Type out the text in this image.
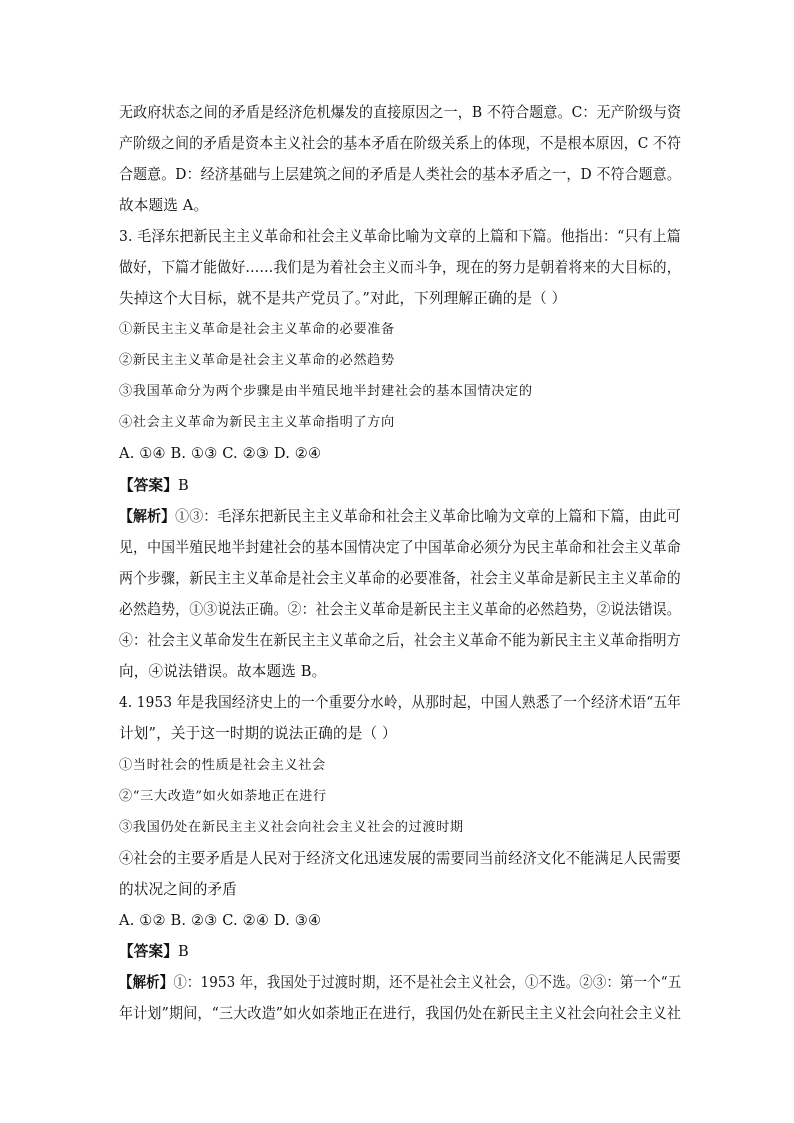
无政府状态之间的矛盾是经济危机爆发的直接原因之一，B 不符合题意。C：无产阶级与资
产阶级之间的矛盾是资本主义社会的基本矛盾在阶级关系上的体现，不是根本原因，C 不符
合题意。D：经济基础与上层建筑之间的矛盾是人类社会的基本矛盾之一，D 不符合题意。
故本题选 A。
3. 毛泽东把新民主主义革命和社会主义革命比喻为文章的上篇和下篇。他指出：“只有上篇
做好，下篇才能做好……我们是为着社会主义而斗争，现在的努力是朝着将来的大目标的，
失掉这个大目标，就不是共产党员了。”对此，下列理解正确的是（ ）
①新民主主义革命是社会主义革命的必要准备
②新民主主义革命是社会主义革命的必然趋势
③我国革命分为两个步骤是由半殖民地半封建社会的基本国情决定的
④社会主义革命为新民主主义革命指明了方向
A. ①④ B. ①③ C. ②③ D. ②④
【答案】B
【解析】①③：毛泽东把新民主主义革命和社会主义革命比喻为文章的上篇和下篇，由此可
见，中国半殖民地半封建社会的基本国情决定了中国革命必须分为民主革命和社会主义革命
两个步骤，新民主主义革命是社会主义革命的必要准备，社会主义革命是新民主主义革命的
必然趋势，①③说法正确。②：社会主义革命是新民主主义革命的必然趋势，②说法错误。
④：社会主义革命发生在新民主主义革命之后，社会主义革命不能为新民主主义革命指明方
向，④说法错误。故本题选 B。
4. 1953 年是我国经济史上的一个重要分水岭，从那时起，中国人熟悉了一个经济术语“五年
计划”，关于这一时期的说法正确的是（ ）
①当时社会的性质是社会主义社会
②“三大改造”如火如荼地正在进行
③我国仍处在新民主主义社会向社会主义社会的过渡时期
④社会的主要矛盾是人民对于经济文化迅速发展的需要同当前经济文化不能满足人民需要
的状况之间的矛盾
A. ①② B. ②③ C. ②④ D. ③④
【答案】B
【解析】①：1953 年，我国处于过渡时期，还不是社会主义社会，①不选。②③：第一个“五
年计划”期间，“三大改造”如火如荼地正在进行，我国仍处在新民主主义社会向社会主义社
